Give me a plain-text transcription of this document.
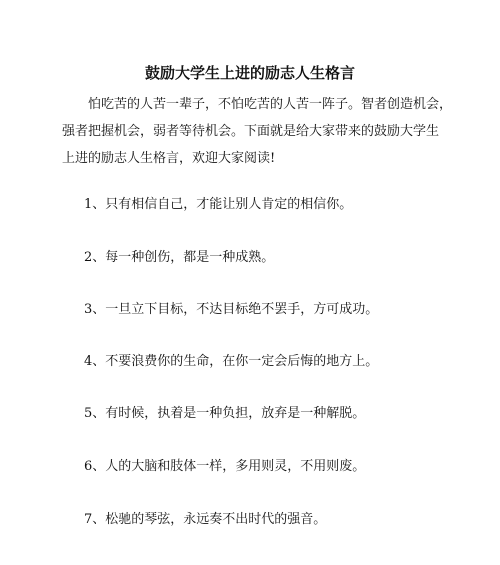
鼓励大学生上进的励志人生格言

怕吃苦的人苦一辈子，不怕吃苦的人苦一阵子。智者创造机会，
强者把握机会，弱者等待机会。下面就是给大家带来的鼓励大学生
上进的励志人生格言，欢迎大家阅读!

1、只有相信自己，才能让别人肯定的相信你。
2、每一种创伤，都是一种成熟。
3、一旦立下目标，不达目标绝不罢手，方可成功。
4、不要浪费你的生命，在你一定会后悔的地方上。
5、有时候，执着是一种负担，放弃是一种解脱。
6、人的大脑和肢体一样，多用则灵，不用则废。
7、松驰的琴弦，永远奏不出时代的强音。
